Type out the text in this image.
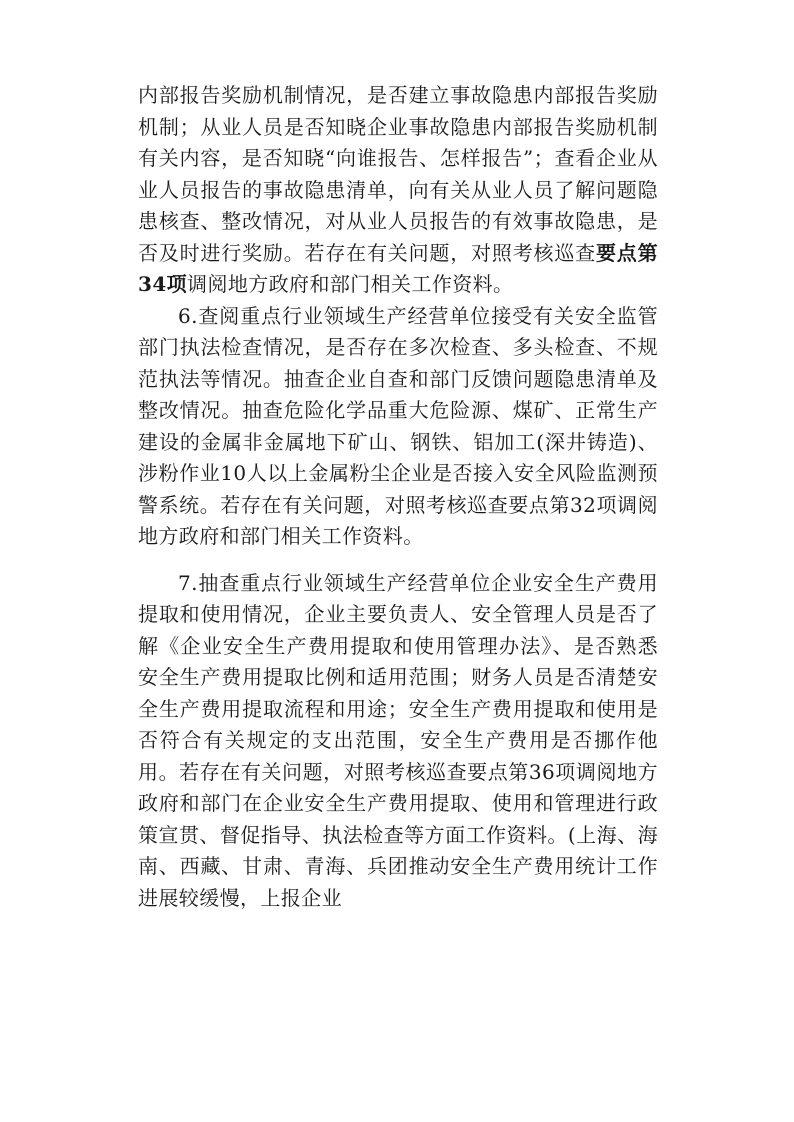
内部报告奖励机制情况，是否建立事故隐患内部报告奖励机制；从业人员是否知晓企业事故隐患内部报告奖励机制有关内容，是否知晓“向谁报告、怎样报告”；查看企业从业人员报告的事故隐患清单，向有关从业人员了解问题隐患核查、整改情况，对从业人员报告的有效事故隐患，是否及时进行奖励。若存在有关问题，对照考核巡查要点第34项调阅地方政府和部门相关工作资料。

6.查阅重点行业领域生产经营单位接受有关安全监管部门执法检查情况，是否存在多次检查、多头检查、不规范执法等情况。抽查企业自查和部门反馈问题隐患清单及整改情况。抽查危险化学品重大危险源、煤矿、正常生产建设的金属非金属地下矿山、钢铁、铝加工(深井铸造)、涉粉作业10人以上金属粉尘企业是否接入安全风险监测预警系统。若存在有关问题，对照考核巡查要点第32项调阅地方政府和部门相关工作资料。

7.抽查重点行业领域生产经营单位企业安全生产费用提取和使用情况，企业主要负责人、安全管理人员是否了解《企业安全生产费用提取和使用管理办法》、是否熟悉安全生产费用提取比例和适用范围；财务人员是否清楚安全生产费用提取流程和用途；安全生产费用提取和使用是否符合有关规定的支出范围，安全生产费用是否挪作他用。若存在有关问题，对照考核巡查要点第36项调阅地方政府和部门在企业安全生产费用提取、使用和管理进行政策宣贯、督促指导、执法检查等方面工作资料。(上海、海南、西藏、甘肃、青海、兵团推动安全生产费用统计工作进展较缓慢，上报企业
